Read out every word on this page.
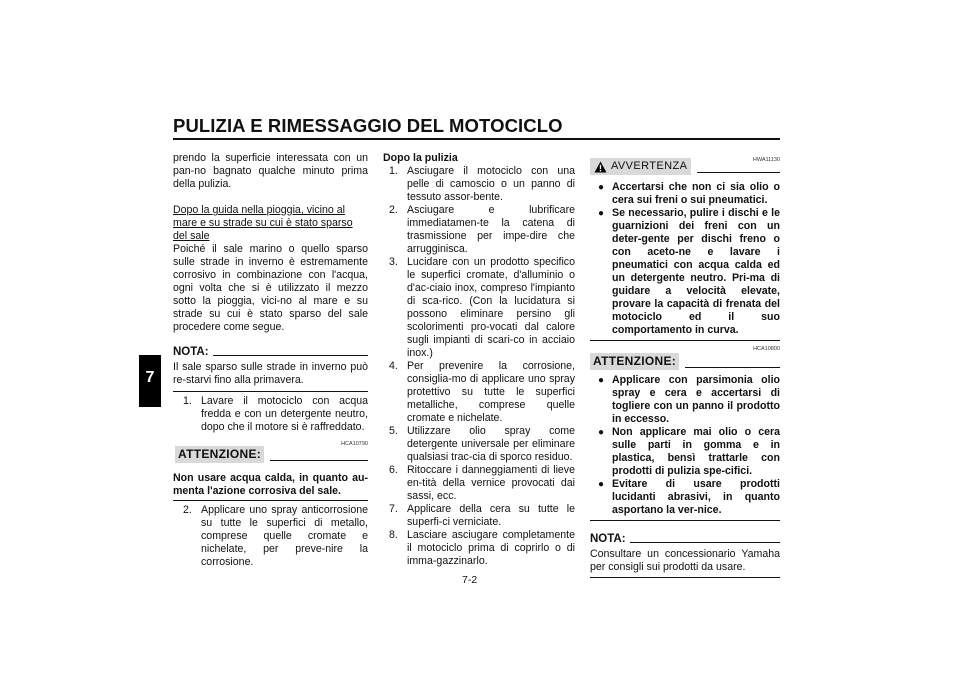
PULIZIA E RIMESSAGGIO DEL MOTOCICLO
7

prendo la superficie interessata con un pan-no bagnato qualche minuto prima della pulizia.

Dopo la guida nella pioggia, vicino al mare e su strade su cui è stato sparso del sale

Poiché il sale marino o quello sparso sulle strade in inverno è estremamente corrosivo in combinazione con l'acqua, ogni volta che si è utilizzato il mezzo sotto la pioggia, vici-no al mare e su strade su cui è stato sparso del sale procedere come segue.

NOTA:

Il sale sparso sulle strade in inverno può re-starvi fino alla primavera.

1. Lavare il motociclo con acqua fredda e con un detergente neutro, dopo che il motore si è raffreddato.
ATTENZIONE:
HCA10790

Non usare acqua calda, in quanto au-menta l'azione corrosiva del sale.

2. Applicare uno spray anticorrosione su tutte le superfici di metallo, comprese quelle cromate e nichelate, per preve-nire la corrosione.

Dopo la pulizia

1. Asciugare il motociclo con una pelle di camoscio o un panno di tessuto assor-bente.
2. Asciugare e lubrificare immediatamen-te la catena di trasmissione per impe-dire che arrugginisca.
3. Lucidare con un prodotto specifico le superfici cromate, d'alluminio o d'ac-ciaio inox, compreso l'impianto di sca-rico. (Con la lucidatura si possono eliminare persino gli scolorimenti pro-vocati dal calore sugli impianti di scari-co in acciaio inox.)
4. Per prevenire la corrosione, consiglia-mo di applicare uno spray protettivo su tutte le superfici metalliche, comprese quelle cromate e nichelate.
5. Utilizzare olio spray come detergente universale per eliminare qualsiasi trac-cia di sporco residuo.
6. Ritoccare i danneggiamenti di lieve en-tità della vernice provocati dai sassi, ecc.
7. Applicare della cera su tutte le superfi-ci verniciate.
8. Lasciare asciugare completamente il motociclo prima di coprirlo o di imma-gazzinarlo.
AVVERTENZA	HWA11130
● Accertarsi che non ci sia olio o cera sui freni o sui pneumatici.
● Se necessario, pulire i dischi e le guarnizioni dei freni con un deter-gente per dischi freno o con aceto-ne e lavare i pneumatici con acqua calda ed un detergente neutro. Pri-ma di guidare a velocità elevate, provare la capacità di frenata del motociclo ed il suo comportamento in curva.
ATTENZIONE:
HCA10800
● Applicare con parsimonia olio spray e cera e accertarsi di togliere con un panno il prodotto in eccesso.
● Non applicare mai olio o cera sulle parti in gomma e in plastica, bensì trattarle con prodotti di pulizia spe-cifici.
● Evitare di usare prodotti lucidanti abrasivi, in quanto asportano la ver-nice.
NOTA:

Consultare un concessionario Yamaha per consigli sui prodotti da usare.

7-2
